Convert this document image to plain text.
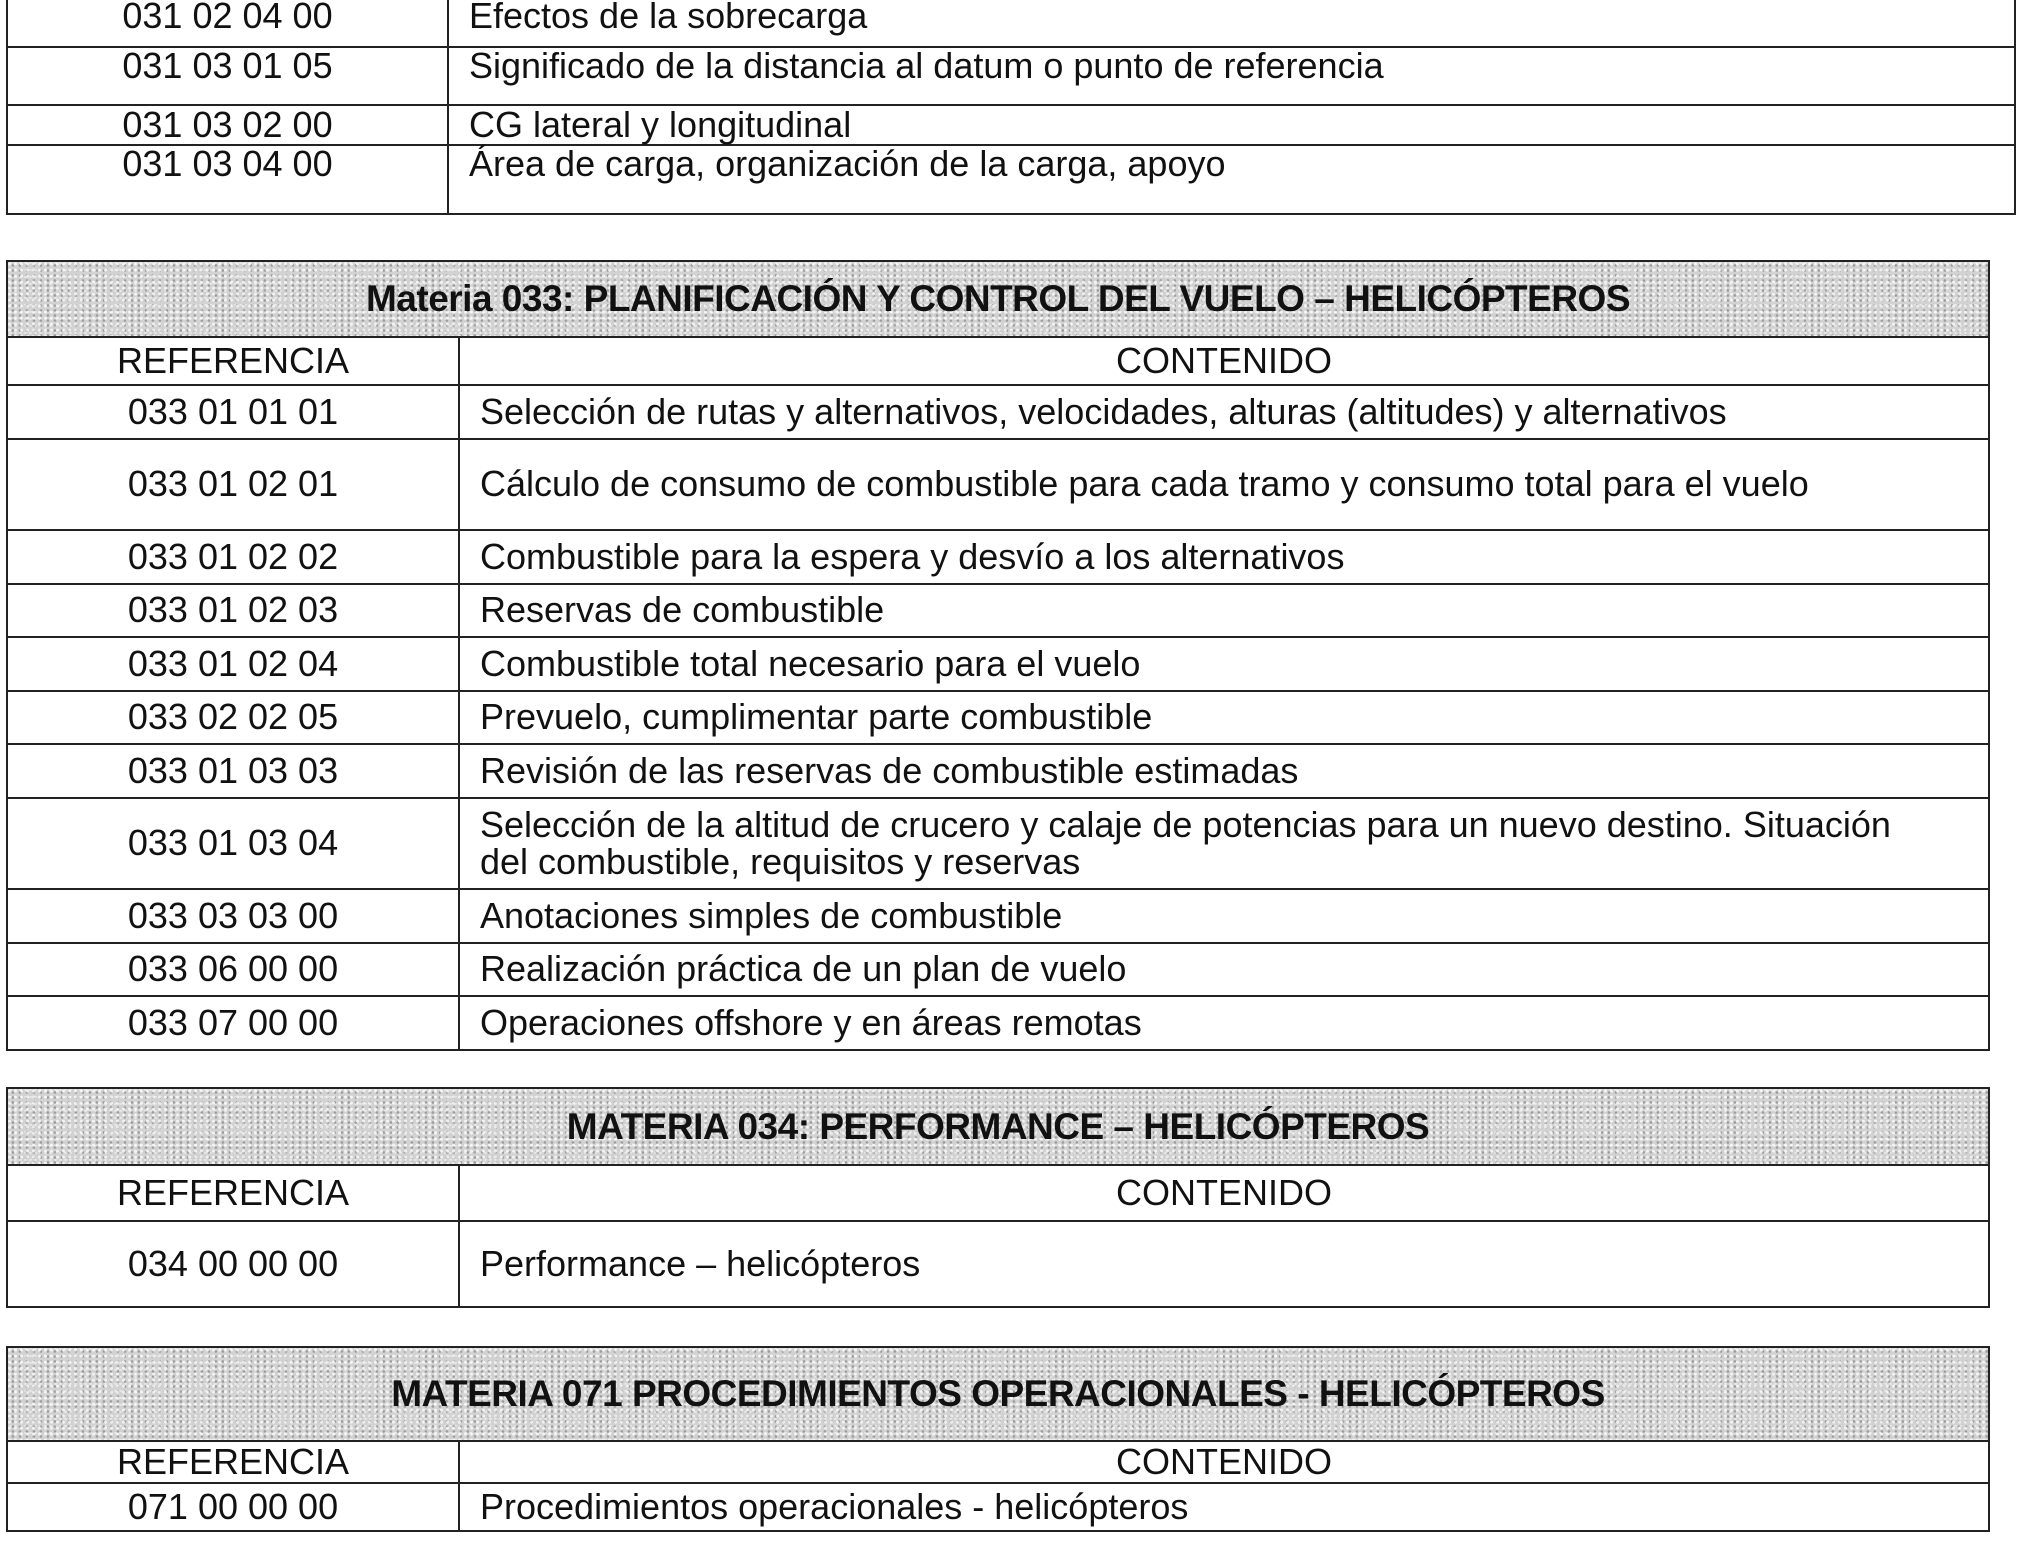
031 02 04 00	Efectos de la sobrecarga
031 03 01 05	Significado de la distancia al datum o punto de referencia
031 03 02 00	CG lateral y longitudinal
031 03 04 00	Área de carga, organización de la carga, apoyo
Materia 033: PLANIFICACIÓN Y CONTROL DEL VUELO – HELICÓPTEROS	
REFERENCIA	CONTENIDO
033 01 01 01	Selección de rutas y alternativos, velocidades, alturas (altitudes) y alternativos
033 01 02 01	Cálculo de consumo de combustible para cada tramo y consumo total para el vuelo
033 01 02 02	Combustible para la espera y desvío a los alternativos
033 01 02 03	Reservas de combustible
033 01 02 04	Combustible total necesario para el vuelo
033 02 02 05	Prevuelo, cumplimentar parte combustible
033 01 03 03	Revisión de las reservas de combustible estimadas
033 01 03 04	Selección de la altitud de crucero y calaje de potencias para un nuevo destino. Situación del combustible, requisitos y reservas
033 03 03 00	Anotaciones simples de combustible
033 06 00 00	Realización práctica de un plan de vuelo
033 07 00 00	Operaciones offshore y en áreas remotas
MATERIA 034: PERFORMANCE – HELICÓPTEROS	
REFERENCIA	CONTENIDO
034 00 00 00	Performance – helicópteros
MATERIA 071 PROCEDIMIENTOS OPERACIONALES - HELICÓPTEROS	
REFERENCIA	CONTENIDO
071 00 00 00	Procedimientos operacionales - helicópteros
